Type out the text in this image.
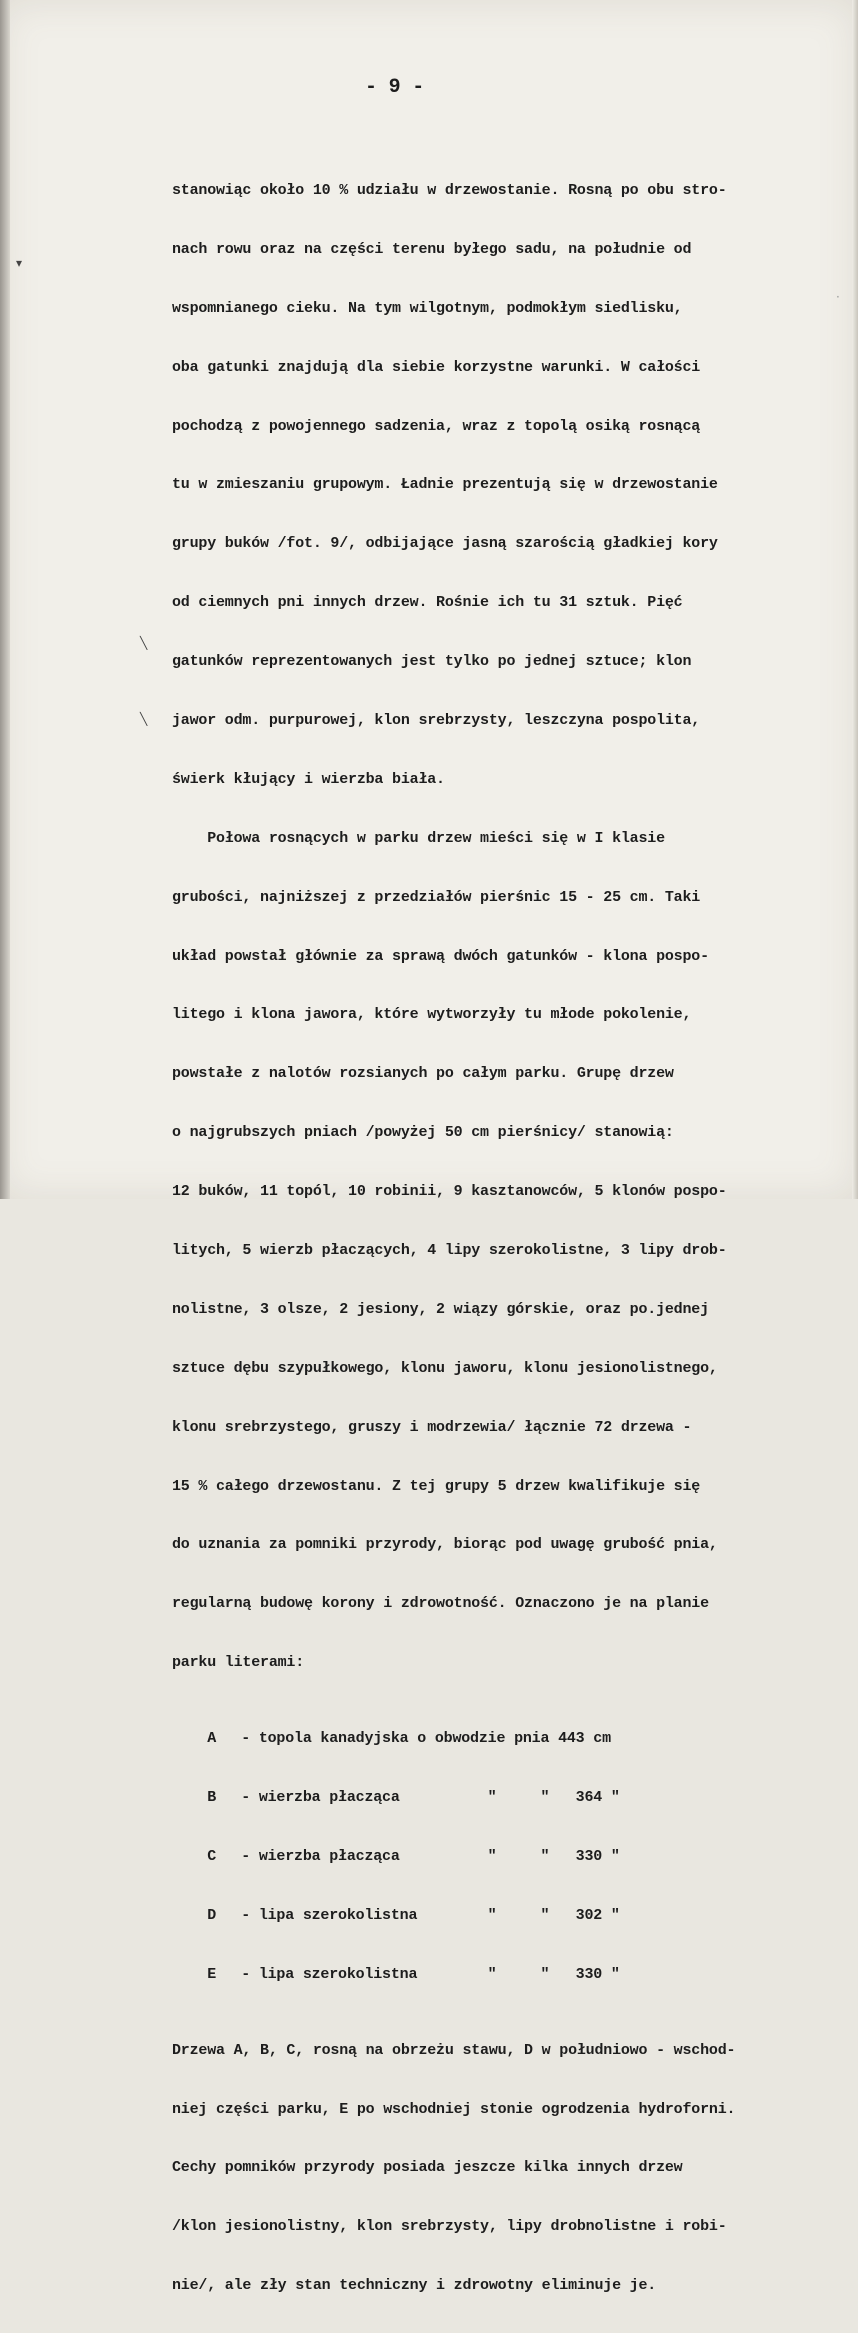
- 9 -

stanowiąc około 10 % udziału w drzewostanie. Rosną po obu stro-

nach rowu oraz na części terenu byłego sadu, na południe od

wspomnianego cieku. Na tym wilgotnym, podmokłym siedlisku,

oba gatunki znajdują dla siebie korzystne warunki. W całości

pochodzą z powojennego sadzenia, wraz z topolą osiką rosnącą

tu w zmieszaniu grupowym. Ładnie prezentują się w drzewostanie

grupy buków /fot. 9/, odbijające jasną szarością gładkiej kory

od ciemnych pni innych drzew. Rośnie ich tu 31 sztuk. Pięć

gatunków reprezentowanych jest tylko po jednej sztuce; klon

jawor odm. purpurowej, klon srebrzysty, leszczyna pospolita,

świerk kłujący i wierzba biała.

Połowa rosnących w parku drzew mieści się w I klasie

grubości, najniższej z przedziałów pierśnic 15 - 25 cm. Taki

układ powstał głównie za sprawą dwóch gatunków - klona pospo-

litego i klona jawora, które wytworzyły tu młode pokolenie,

powstałe z nalotów rozsianych po całym parku. Grupę drzew

o najgrubszych pniach /powyżej 50 cm pierśnicy/ stanowią:

12 buków, 11 topól, 10 robinii, 9 kasztanowców, 5 klonów pospo-

litych, 5 wierzb płaczących, 4 lipy szerokolistne, 3 lipy drob-

nolistne, 3 olsze, 2 jesiony, 2 wiązy górskie, oraz po.jednej

sztuce dębu szypułkowego, klonu jaworu, klonu jesionolistnego,

klonu srebrzystego, gruszy i modrzewia/ łącznie 72 drzewa -

15 % całego drzewostanu. Z tej grupy 5 drzew kwalifikuje się

do uznania za pomniki przyrody, biorąc pod uwagę grubość pnia,

regularną budowę korony i zdrowotność. Oznaczono je na planie

parku literami:

A - topola kanadyjska o obwodzie pnia 443 cm

B - wierzba płacząca          "     "   364 "

C - wierzba płacząca          "     "   330 "

D - lipa szerokolistna        "     "   302 "

E - lipa szerokolistna        "     "   330 "

Drzewa A, B, C, rosną na obrzeżu stawu, D w południowo - wschod-

niej części parku, E po wschodniej stonie ogrodzenia hydroforni.

Cechy pomników przyrody posiada jeszcze kilka innych drzew

/klon jesionolistny, klon srebrzysty, lipy drobnolistne i robi-

nie/, ale zły stan techniczny i zdrowotny eliminuje je.

▾
╲
╲
·
